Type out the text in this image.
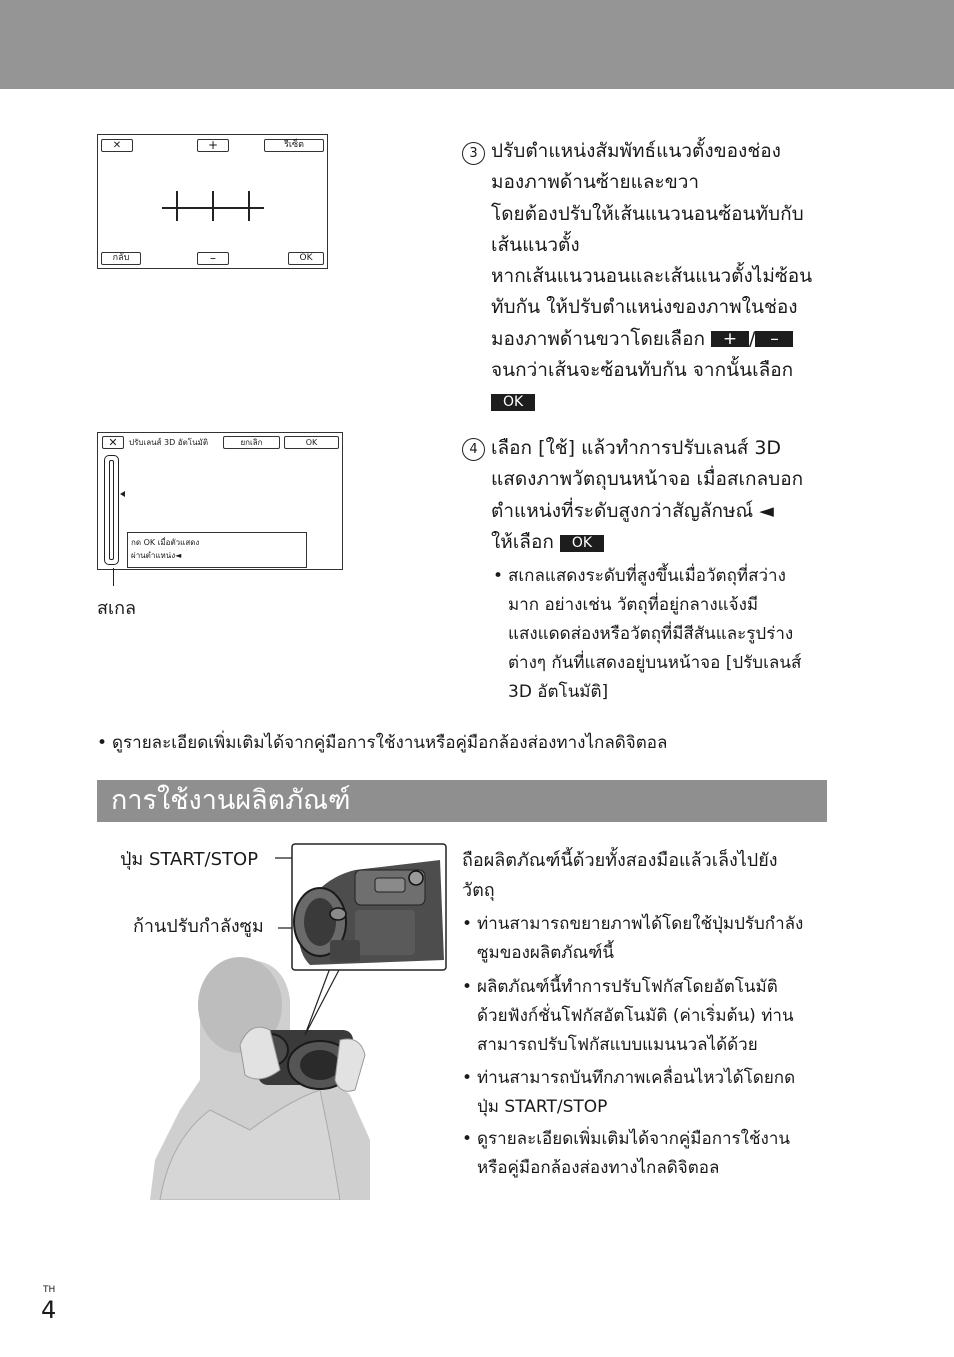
✕	+	รีเซ็ต
กลับ	–	OK
3 ปรับตำแหน่งสัมพัทธ์แนวตั้งของช่อง
มองภาพด้านซ้ายและขวา
โดยต้องปรับให้เส้นแนวนอนซ้อนทับกับ
เส้นแนวตั้ง
หากเส้นแนวนอนและเส้นแนวตั้งไม่ซ้อน
ทับกัน ให้ปรับตำแหน่งของภาพในช่อง
มองภาพด้านขวาโดยเลือก + / –
จนกว่าเส้นจะซ้อนทับกัน จากนั้นเลือก
OK
✕	ปรับเลนส์ 3D อัตโนมัติ	ยกเลิก	OK
กด OK เมื่อตัวแสดง
ผ่านตำแหน่ง◄
สเกล
4 เลือก [ใช้] แล้วทำการปรับเลนส์ 3D
แสดงภาพวัตถุบนหน้าจอ เมื่อสเกลบอก
ตำแหน่งที่ระดับสูงกว่าสัญลักษณ์ ◄
ให้เลือก OK
• สเกลแสดงระดับที่สูงขึ้นเมื่อวัตถุที่สว่าง
มาก อย่างเช่น วัตถุที่อยู่กลางแจ้งมี
แสงแดดส่องหรือวัตถุที่มีสีสันและรูปร่าง
ต่างๆ กันที่แสดงอยู่บนหน้าจอ [ปรับเลนส์
3D อัตโนมัติ]
• ดูรายละเอียดเพิ่มเติมได้จากคู่มือการใช้งานหรือคู่มือกล้องส่องทางไกลดิจิตอล
การใช้งานผลิตภัณฑ์
ปุ่ม START/STOP
ก้านปรับกำลังซูม
ถือผลิตภัณฑ์นี้ด้วยทั้งสองมือแล้วเล็งไปยัง
วัตถุ
• ท่านสามารถขยายภาพได้โดยใช้ปุ่มปรับกำลัง
ซูมของผลิตภัณฑ์นี้
• ผลิตภัณฑ์นี้ทำการปรับโฟกัสโดยอัตโนมัติ
ด้วยฟังก์ชั่นโฟกัสอัตโนมัติ (ค่าเริ่มต้น) ท่าน
สามารถปรับโฟกัสแบบแมนนวลได้ด้วย
• ท่านสามารถบันทึกภาพเคลื่อนไหวได้โดยกด
ปุ่ม START/STOP
• ดูรายละเอียดเพิ่มเติมได้จากคู่มือการใช้งาน
หรือคู่มือกล้องส่องทางไกลดิจิตอล
TH
4
